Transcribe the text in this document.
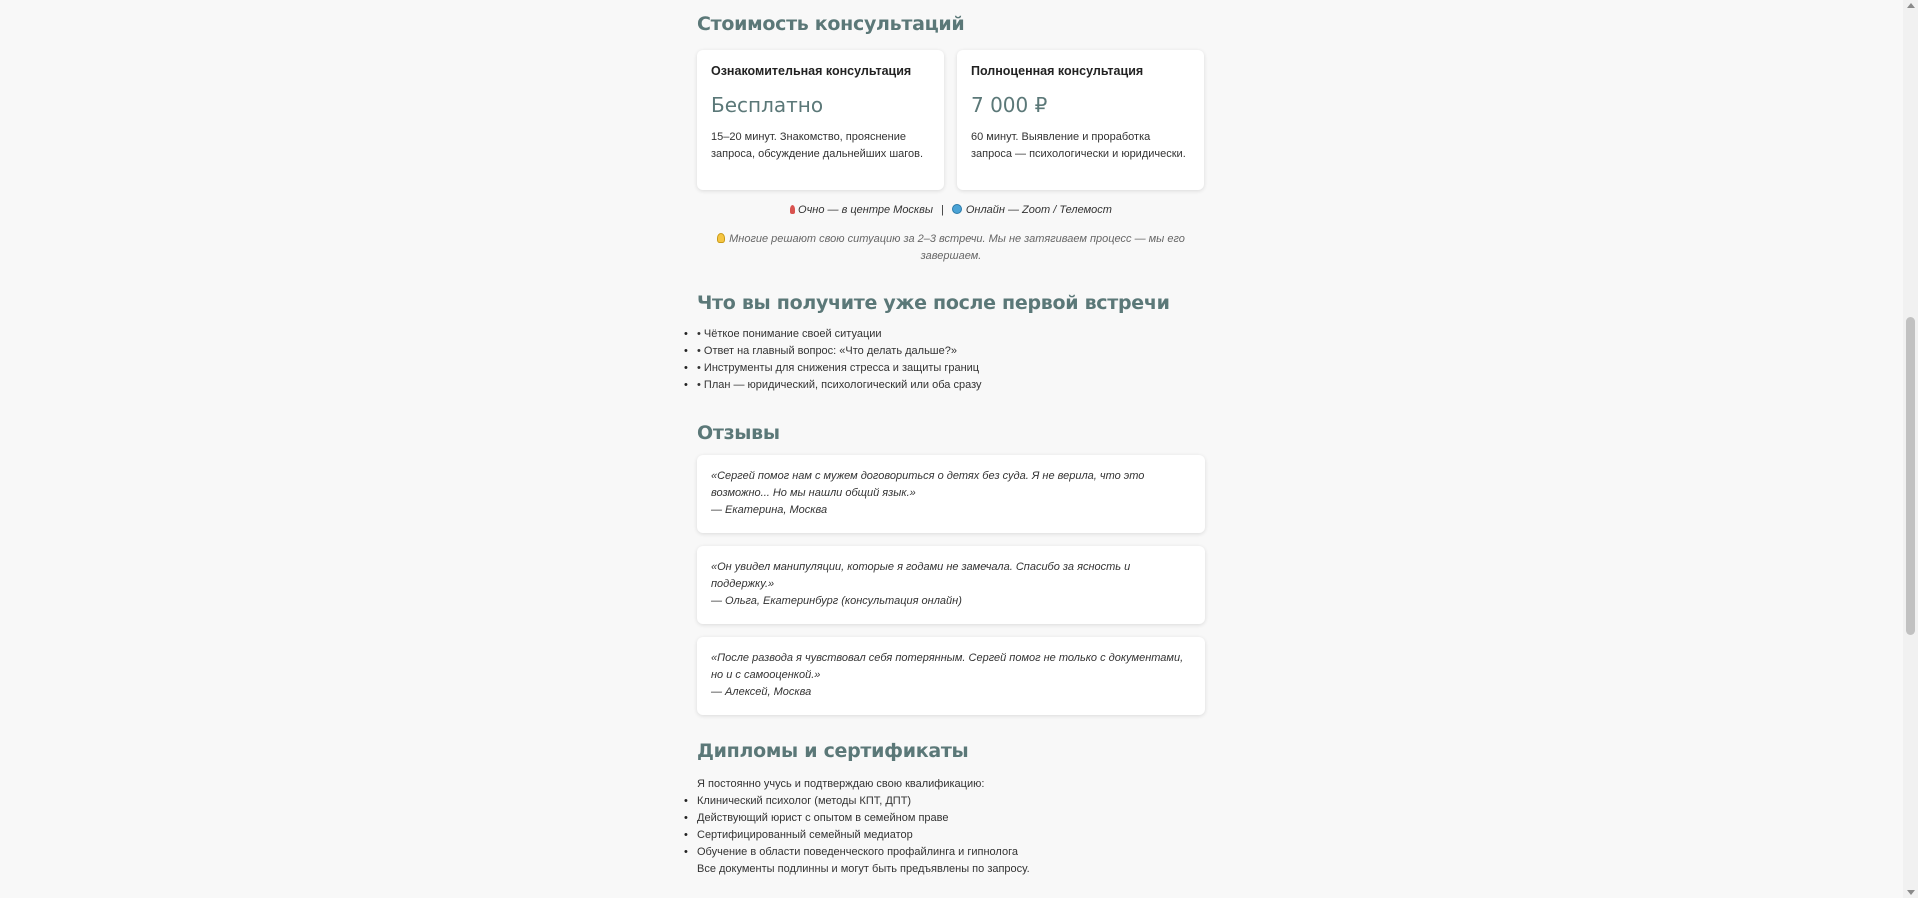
Стоимость консультаций
Ознакомительная консультация
Бесплатно
15–20 минут. Знакомство, прояснение запроса, обсуждение дальнейших шагов.
Полноценная консультация
7 000 ₽
60 минут. Выявление и проработка запроса — психологически и юридически.
Очно — в центре Москвы | Онлайн — Zoom / Телемост
Многие решают свою ситуацию за 2–3 встречи. Мы не затягиваем процесс — мы его завершаем.
Что вы получите уже после первой встречи
• • Чёткое понимание своей ситуации
• • Ответ на главный вопрос: «Что делать дальше?»
• • Инструменты для снижения стресса и защиты границ
• • План — юридический, психологический или оба сразу
Отзывы
«Сергей помог нам с мужем договориться о детях без суда. Я не верила, что это возможно... Но мы нашли общий язык.»
— Екатерина, Москва
«Он увидел манипуляции, которые я годами не замечала. Спасибо за ясность и поддержку.»
— Ольга, Екатеринбург (консультация онлайн)
«После развода я чувствовал себя потерянным. Сергей помог не только с документами, но и с самооценкой.»
— Алексей, Москва
Дипломы и сертификаты
Я постоянно учусь и подтверждаю свою квалификацию:
• Клинический психолог (методы КПТ, ДПТ)
• Действующий юрист с опытом в семейном праве
• Сертифицированный семейный медиатор
• Обучение в области поведенческого профайлинга и гипнолога
Все документы подлинны и могут быть предъявлены по запросу.
